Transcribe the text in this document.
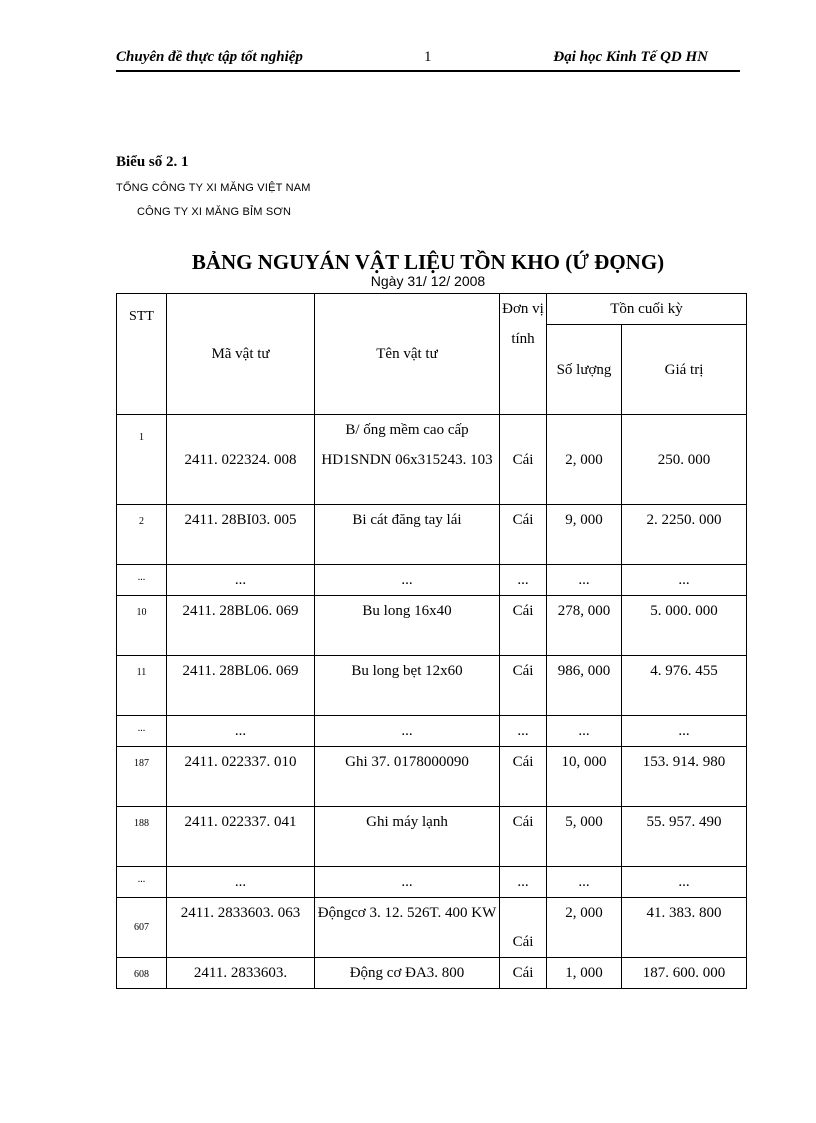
Chuyên đề thực tập tốt nghiệp	1	Đại học Kinh Tế QD HN
Biểu số 2. 1
TỔNG CÔNG TY XI MĂNG VIỆT NAM
CÔNG TY XI MĂNG BỈM SƠN
BẢNG NGUYÁN VẬT LIỆU TỒN KHO (Ứ ĐỌNG)
Ngày 31/ 12/ 2008
STT	Mã vật tư	Tên vật tư	Đơn vị tính	Tồn cuối kỳ	
				Số lượng	Giá trị
1	2411. 022324. 008	B/ ống mềm cao cấp HD1SNDN 06x315243. 103	Cái	2, 000	250. 000
2	2411. 28BI03. 005	Bi cát đăng tay lái	Cái	9, 000	2. 2250. 000
...	...	...	...	...	...
10	2411. 28BL06. 069	Bu long 16x40	Cái	278, 000	5. 000. 000
11	2411. 28BL06. 069	Bu long bẹt 12x60	Cái	986, 000	4. 976. 455
...	...	...	...	...	...
187	2411. 022337. 010	Ghi 37. 0178000090	Cái	10, 000	153. 914. 980
188	2411. 022337. 041	Ghi máy lạnh	Cái	5, 000	55. 957. 490
...	...	...	...	...	...
607	2411. 2833603. 063	Độngcơ 3. 12. 526T. 400 KW	Cái	2, 000	41. 383. 800
608	2411. 2833603.	Động cơ ĐA3. 800	Cái	1, 000	187. 600. 000
